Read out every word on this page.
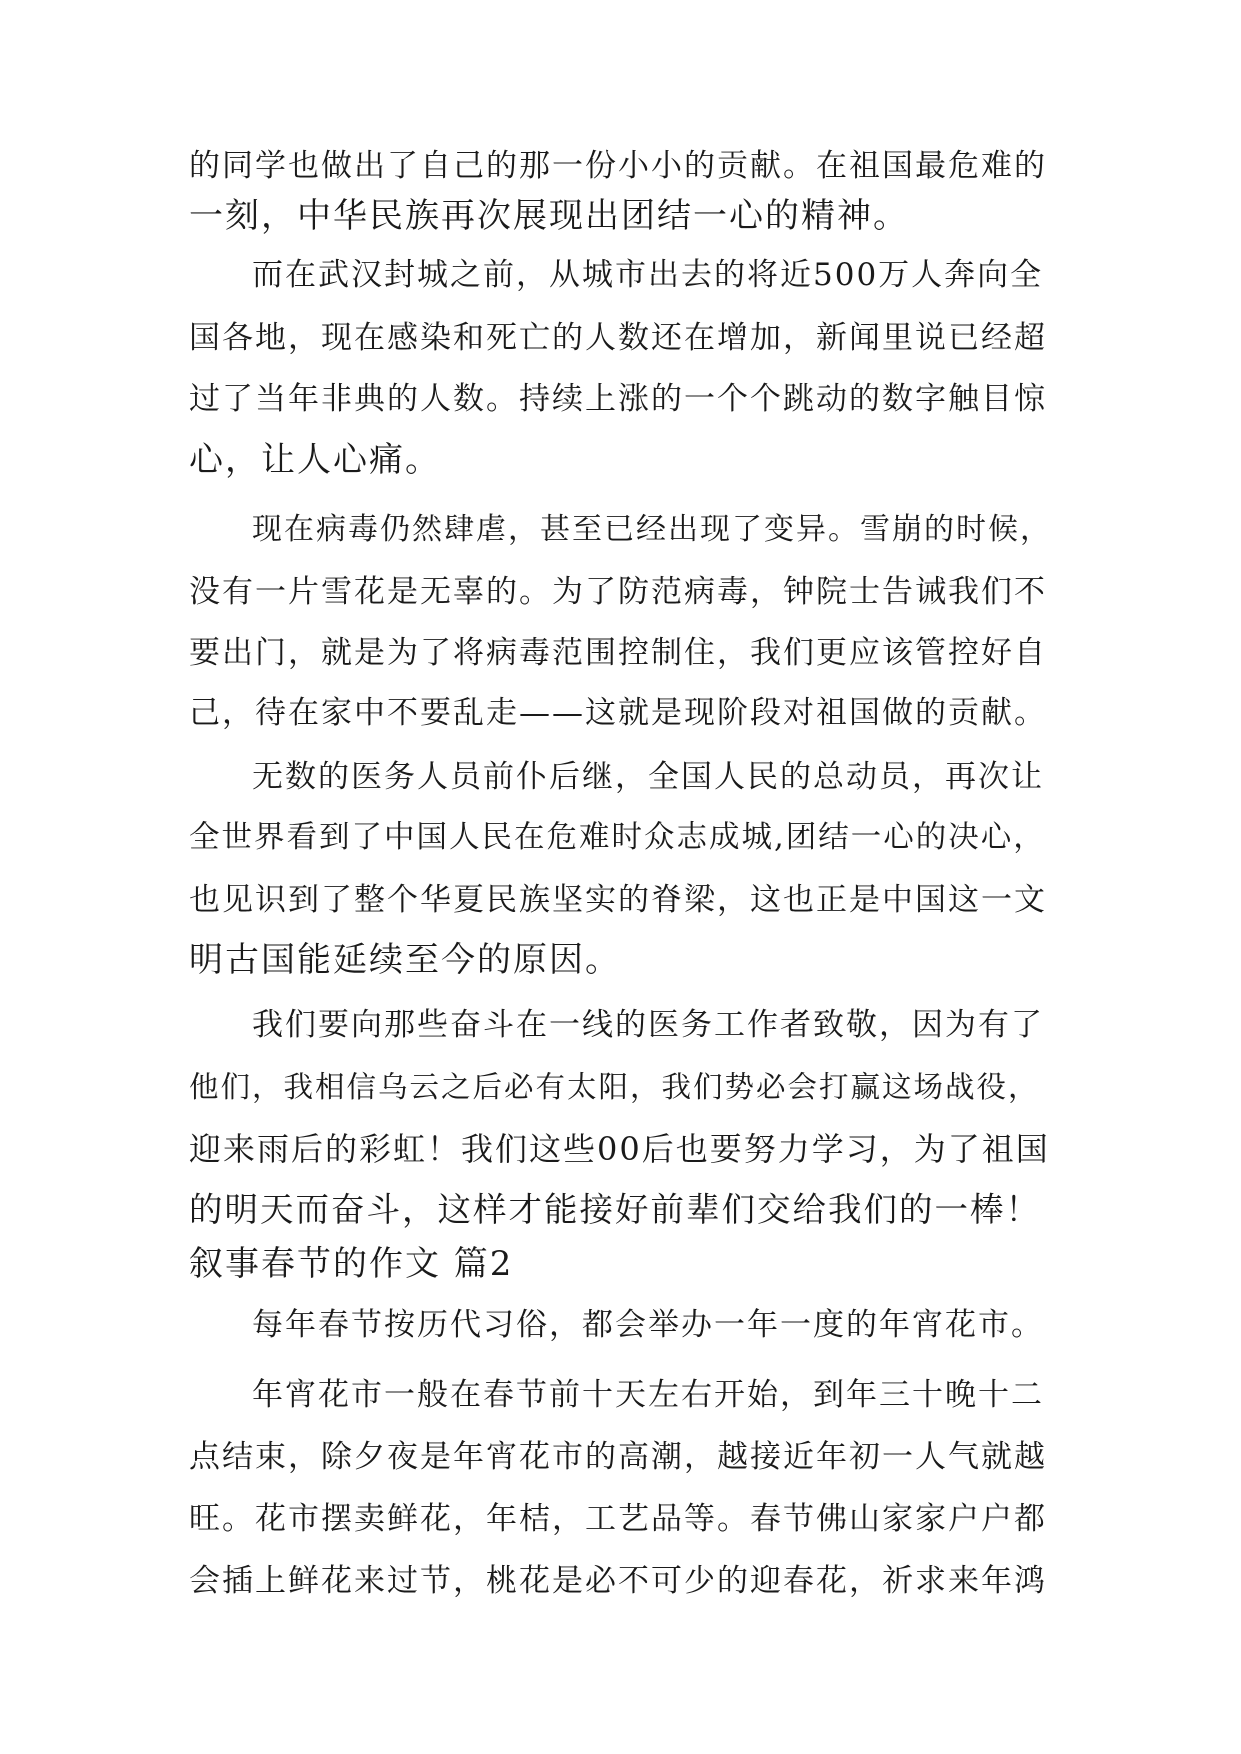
的同学也做出了自己的那一份小小的贡献。在祖国最危难的
一刻，中华民族再次展现出团结一心的精神。
而在武汉封城之前，从城市出去的将近500万人奔向全
国各地，现在感染和死亡的人数还在增加，新闻里说已经超
过了当年非典的人数。持续上涨的一个个跳动的数字触目惊
心，让人心痛。
现在病毒仍然肆虐，甚至已经出现了变异。雪崩的时候，
没有一片雪花是无辜的。为了防范病毒，钟院士告诫我们不
要出门，就是为了将病毒范围控制住，我们更应该管控好自
己，待在家中不要乱走——这就是现阶段对祖国做的贡献。
无数的医务人员前仆后继，全国人民的总动员，再次让
全世界看到了中国人民在危难时众志成城,团结一心的决心，
也见识到了整个华夏民族坚实的脊梁，这也正是中国这一文
明古国能延续至今的原因。
我们要向那些奋斗在一线的医务工作者致敬，因为有了
他们，我相信乌云之后必有太阳，我们势必会打赢这场战役，
迎来雨后的彩虹！我们这些00后也要努力学习，为了祖国
的明天而奋斗，这样才能接好前辈们交给我们的一棒！
叙事春节的作文 篇2
每年春节按历代习俗，都会举办一年一度的年宵花市。
年宵花市一般在春节前十天左右开始，到年三十晚十二
点结束，除夕夜是年宵花市的高潮，越接近年初一人气就越
旺。花市摆卖鲜花，年桔，工艺品等。春节佛山家家户户都
会插上鲜花来过节，桃花是必不可少的迎春花，祈求来年鸿
